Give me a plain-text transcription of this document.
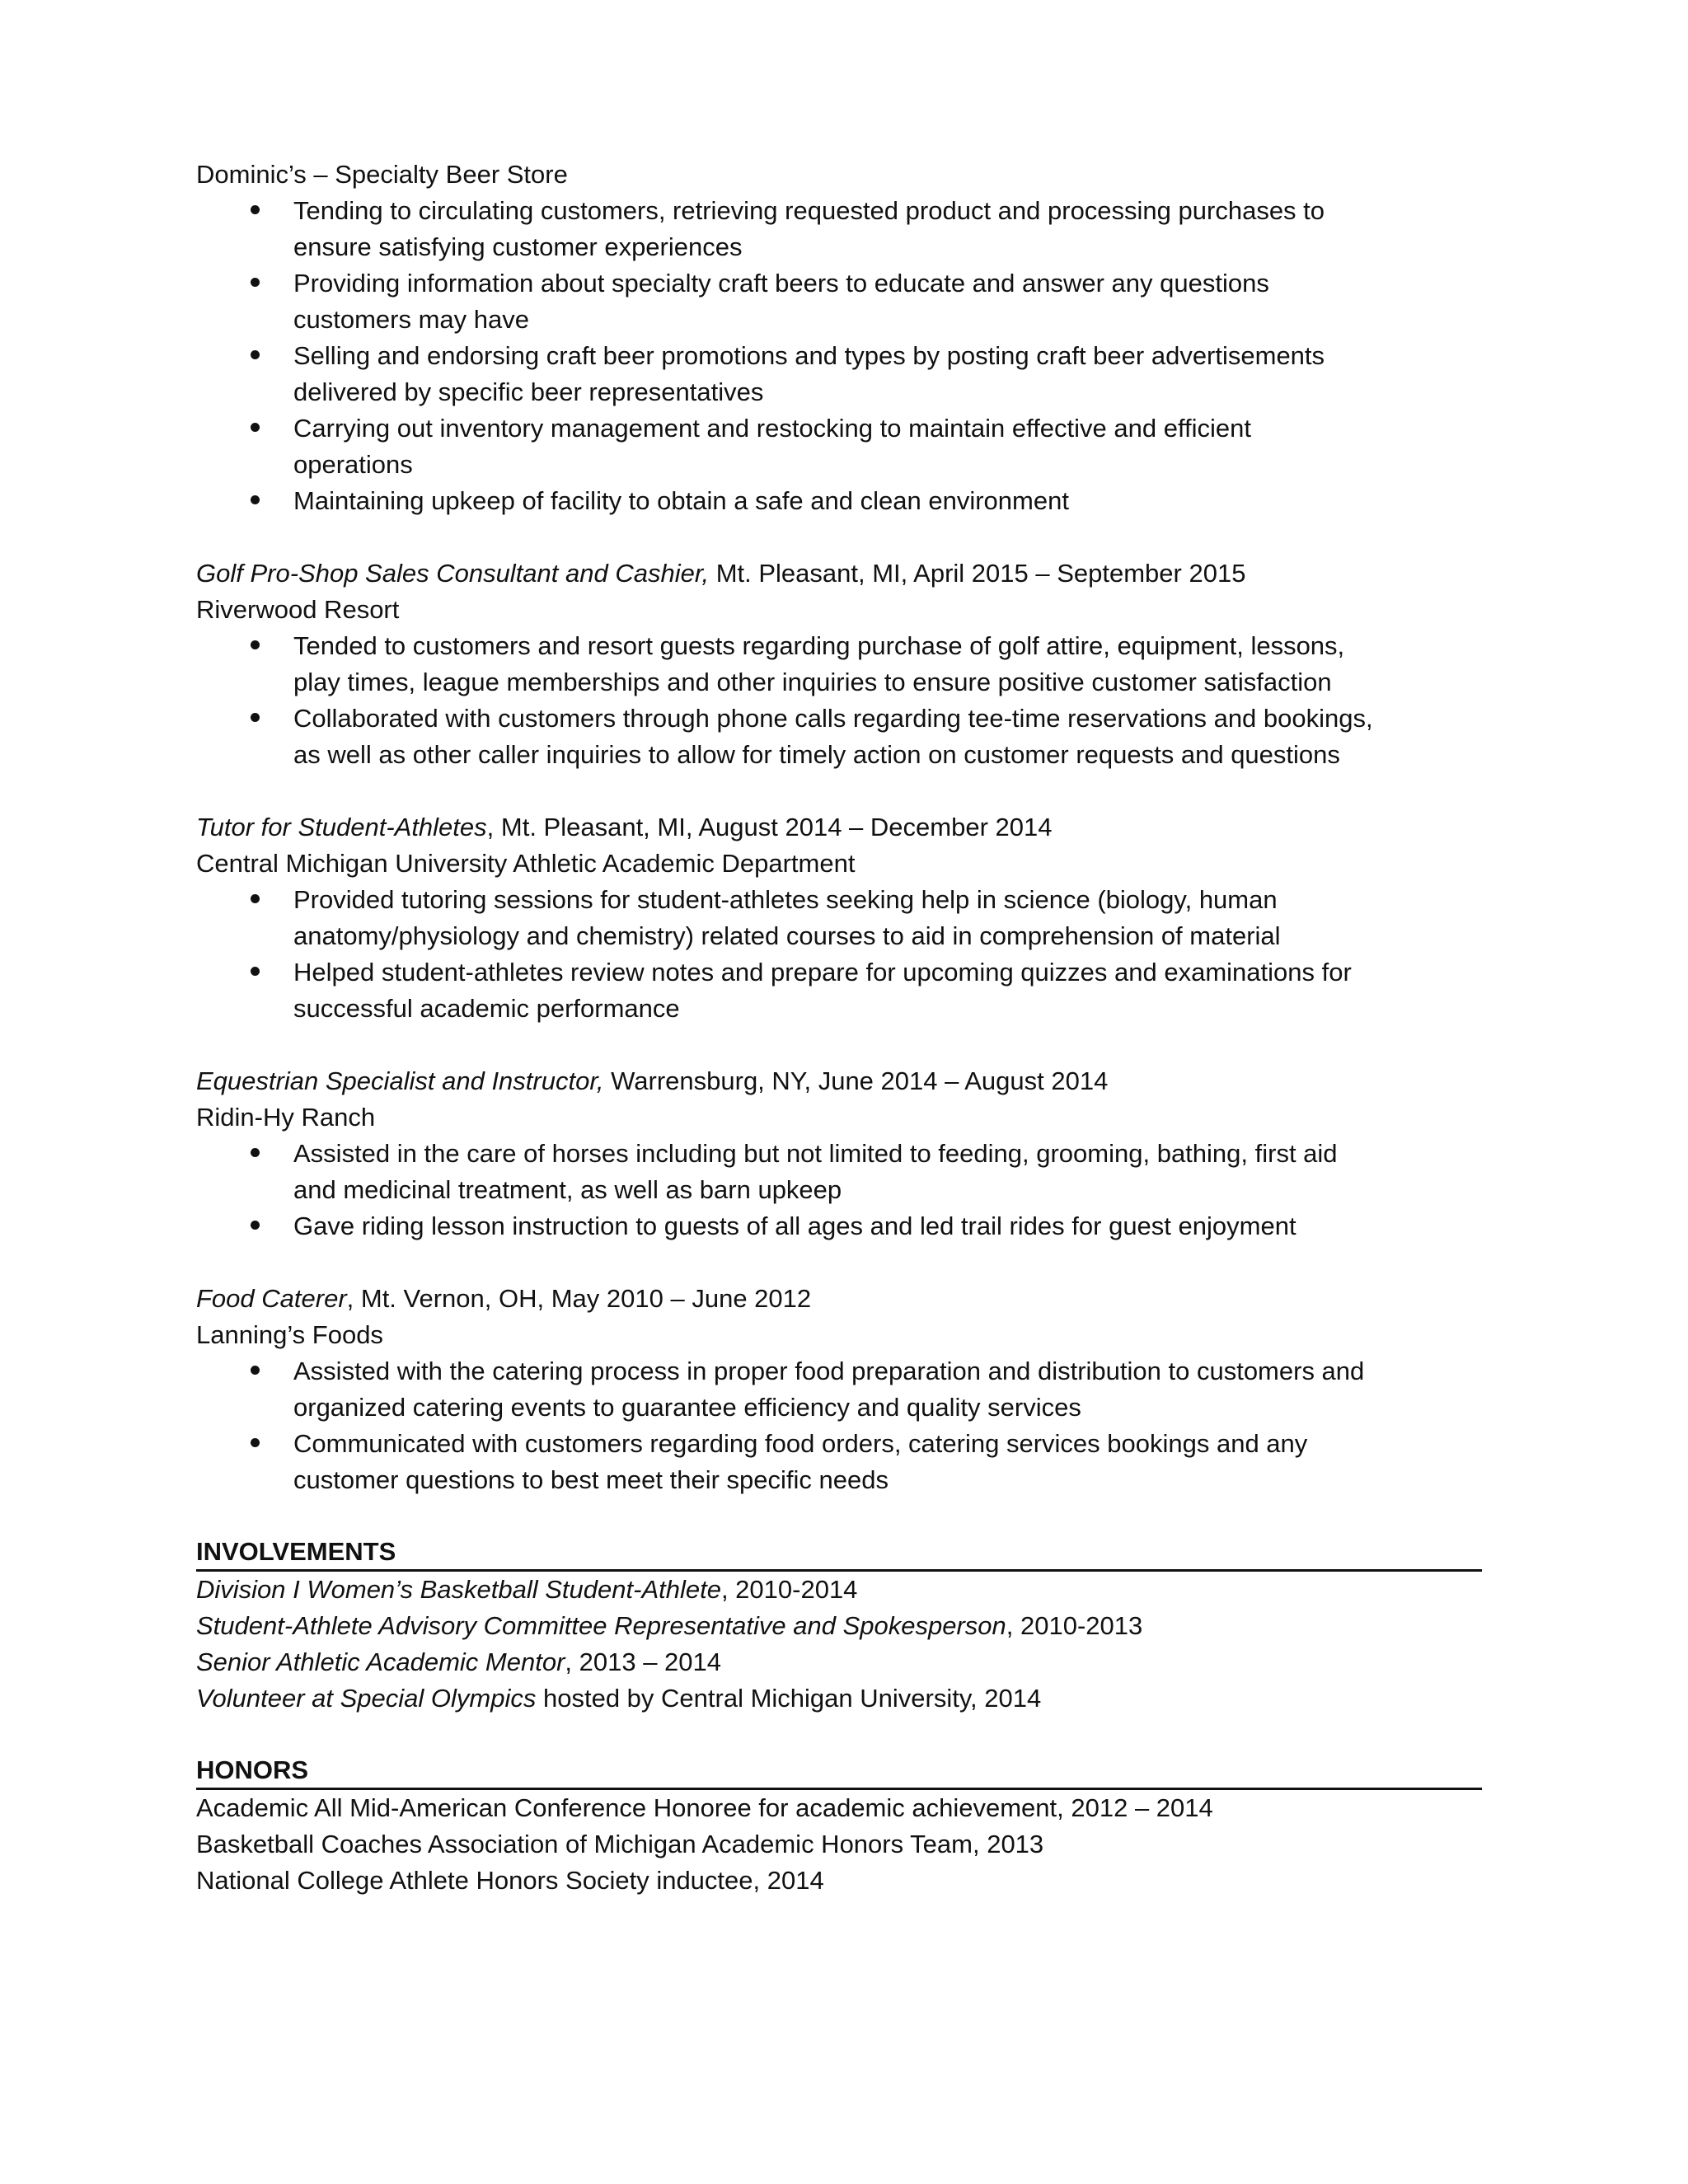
Dominic’s – Specialty Beer Store
Tending to circulating customers, retrieving requested product and processing purchases to
ensure satisfying customer experiences
Providing information about specialty craft beers to educate and answer any questions
customers may have
Selling and endorsing craft beer promotions and types by posting craft beer advertisements
delivered by specific beer representatives
Carrying out inventory management and restocking to maintain effective and efficient
operations
Maintaining upkeep of facility to obtain a safe and clean environment
Golf Pro-Shop Sales Consultant and Cashier, Mt. Pleasant, MI, April 2015 – September 2015
Riverwood Resort
Tended to customers and resort guests regarding purchase of golf attire, equipment, lessons,
play times, league memberships and other inquiries to ensure positive customer satisfaction
Collaborated with customers through phone calls regarding tee-time reservations and bookings,
as well as other caller inquiries to allow for timely action on customer requests and questions
Tutor for Student-Athletes, Mt. Pleasant, MI, August 2014 – December 2014
Central Michigan University Athletic Academic Department
Provided tutoring sessions for student-athletes seeking help in science (biology, human
anatomy/physiology and chemistry) related courses to aid in comprehension of material
Helped student-athletes review notes and prepare for upcoming quizzes and examinations for
successful academic performance
Equestrian Specialist and Instructor, Warrensburg, NY, June 2014 – August 2014
Ridin-Hy Ranch
Assisted in the care of horses including but not limited to feeding, grooming, bathing, first aid
and medicinal treatment, as well as barn upkeep
Gave riding lesson instruction to guests of all ages and led trail rides for guest enjoyment
Food Caterer, Mt. Vernon, OH, May 2010 – June 2012
Lanning’s Foods
Assisted with the catering process in proper food preparation and distribution to customers and
organized catering events to guarantee efficiency and quality services
Communicated with customers regarding food orders, catering services bookings and any
customer questions to best meet their specific needs
INVOLVEMENTS
Division I Women’s Basketball Student-Athlete, 2010-2014
Student-Athlete Advisory Committee Representative and Spokesperson, 2010-2013
Senior Athletic Academic Mentor, 2013 – 2014
Volunteer at Special Olympics hosted by Central Michigan University, 2014
HONORS
Academic All Mid-American Conference Honoree for academic achievement, 2012 – 2014
Basketball Coaches Association of Michigan Academic Honors Team, 2013
National College Athlete Honors Society inductee, 2014
